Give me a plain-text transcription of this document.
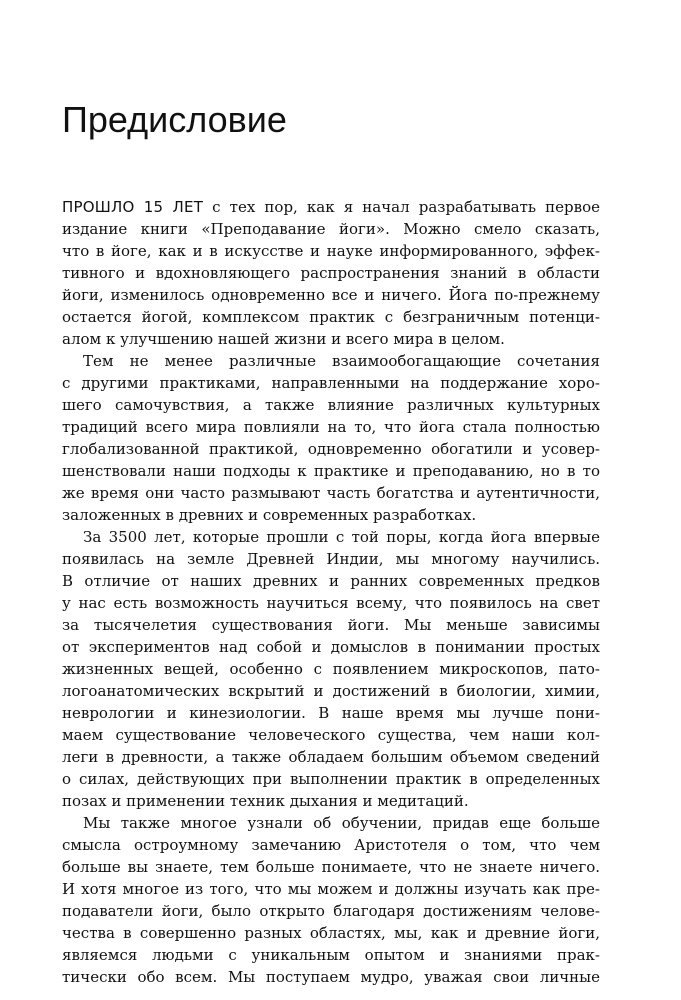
Предисловие
ПРОШЛО 15 ЛЕТ с тех пор, как я начал разрабатывать первое
издание книги «Преподавание йоги». Можно смело сказать,
что в йоге, как и в искусстве и науке информированного, эффек-
тивного и вдохновляющего распространения знаний в области
йоги, изменилось одновременно все и ничего. Йога по-прежнему
остается йогой, комплексом практик с безграничным потенци-
алом к улучшению нашей жизни и всего мира в целом.
Тем не менее различные взаимообогащающие сочетания
с другими практиками, направленными на поддержание хоро-
шего самочувствия, а также влияние различных культурных
традиций всего мира повлияли на то, что йога стала полностью
глобализованной практикой, одновременно обогатили и усовер-
шенствовали наши подходы к практике и преподаванию, но в то
же время они часто размывают часть богатства и аутентичности,
заложенных в древних и современных разработках.
За 3500 лет, которые прошли с той поры, когда йога впервые
появилась на земле Древней Индии, мы многому научились.
В отличие от наших древних и ранних современных предков
у нас есть возможность научиться всему, что появилось на свет
за тысячелетия существования йоги. Мы меньше зависимы
от экспериментов над собой и домыслов в понимании простых
жизненных вещей, особенно с появлением микроскопов, пато-
логоанатомических вскрытий и достижений в биологии, химии,
неврологии и кинезиологии. В наше время мы лучше пони-
маем существование человеческого существа, чем наши кол-
леги в древности, а также обладаем большим объемом сведений
о силах, действующих при выполнении практик в определенных
позах и применении техник дыхания и медитаций.
Мы также многое узнали об обучении, придав еще больше
смысла остроумному замечанию Аристотеля о том, что чем
больше вы знаете, тем больше понимаете, что не знаете ничего.
И хотя многое из того, что мы можем и должны изучать как пре-
подаватели йоги, было открыто благодаря достижениям челове-
чества в совершенно разных областях, мы, как и древние йоги,
являемся людьми с уникальным опытом и знаниями прак-
тически обо всем. Мы поступаем мудро, уважая свои личные
